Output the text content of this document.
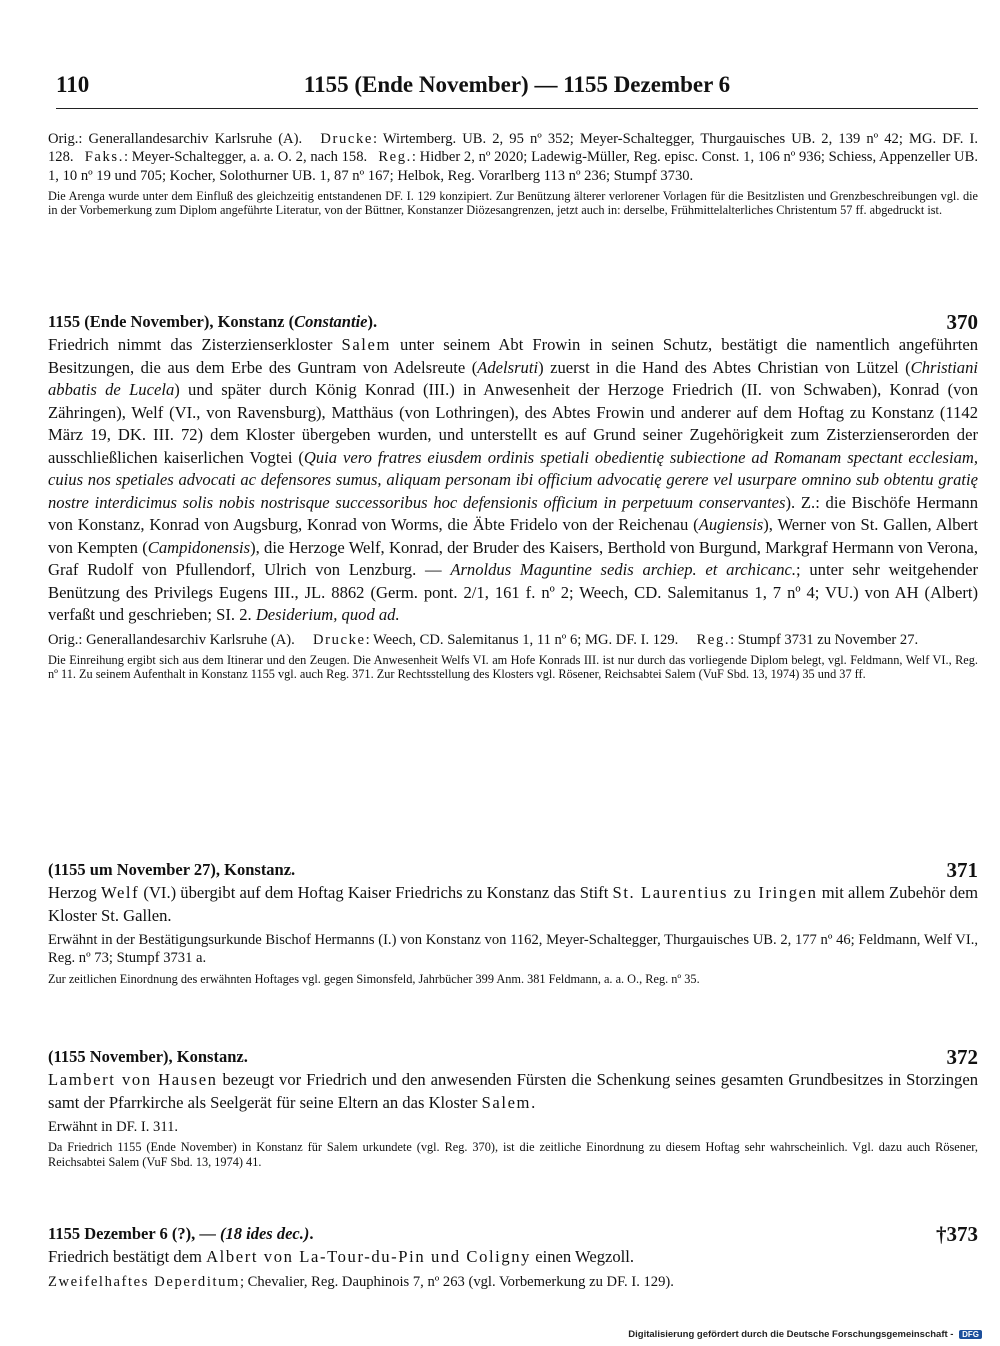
110	1155 (Ende November) — 1155 Dezember 6

Orig.: Generallandesarchiv Karlsruhe (A). Drucke: Wirtemberg. UB. 2, 95 nº 352; Meyer-Schaltegger, Thurgauisches UB. 2, 139 nº 42; MG. DF. I. 128. Faks.: Meyer-Schaltegger, a. a. O. 2, nach 158. Reg.: Hidber 2, nº 2020; Ladewig-Müller, Reg. episc. Const. 1, 106 nº 936; Schiess, Appenzeller UB. 1, 10 nº 19 und 705; Kocher, Solothurner UB. 1, 87 nº 167; Helbok, Reg. Vorarlberg 113 nº 236; Stumpf 3730.

Die Arenga wurde unter dem Einfluß des gleichzeitig entstandenen DF. I. 129 konzipiert. Zur Benützung älterer verlorener Vorlagen für die Besitzlisten und Grenzbeschreibungen vgl. die in der Vorbemerkung zum Diplom angeführte Literatur, von der Büttner, Konstanzer Diözesangrenzen, jetzt auch in: derselbe, Frühmittelalterliches Christentum 57 ff. abgedruckt ist.

1155 (Ende November), Konstanz (Constantie).	370

Friedrich nimmt das Zisterzienserkloster Salem unter seinem Abt Frowin in seinen Schutz, bestätigt die namentlich angeführten Besitzungen, die aus dem Erbe des Guntram von Adelsreute (Adelsruti) zuerst in die Hand des Abtes Christian von Lützel (Christiani abbatis de Lucela) und später durch König Konrad (III.) in Anwesenheit der Herzoge Friedrich (II. von Schwaben), Konrad (von Zähringen), Welf (VI., von Ravensburg), Matthäus (von Lothringen), des Abtes Frowin und anderer auf dem Hoftag zu Konstanz (1142 März 19, DK. III. 72) dem Kloster übergeben wurden, und unterstellt es auf Grund seiner Zugehörigkeit zum Zisterzienserorden der ausschließlichen kaiserlichen Vogtei (Quia vero fratres eiusdem ordinis spetiali obedientię subiectione ad Romanam spectant ecclesiam, cuius nos spetiales advocati ac defensores sumus, aliquam personam ibi officium advocatię gerere vel usurpare omnino sub obtentu gratię nostre interdicimus solis nobis nostrisque successoribus hoc defensionis officium in perpetuum conservantes). Z.: die Bischöfe Hermann von Konstanz, Konrad von Augsburg, Konrad von Worms, die Äbte Fridelo von der Reichenau (Augiensis), Werner von St. Gallen, Albert von Kempten (Campidonensis), die Herzoge Welf, Konrad, der Bruder des Kaisers, Berthold von Burgund, Markgraf Hermann von Verona, Graf Rudolf von Pfullendorf, Ulrich von Lenzburg. — Arnoldus Maguntine sedis archiep. et archicanc.; unter sehr weitgehender Benützung des Privilegs Eugens III., JL. 8862 (Germ. pont. 2/1, 161 f. nº 2; Weech, CD. Salemitanus 1, 7 nº 4; VU.) von AH (Albert) verfaßt und geschrieben; SI. 2. Desiderium, quod ad.

Orig.: Generallandesarchiv Karlsruhe (A). Drucke: Weech, CD. Salemitanus 1, 11 nº 6; MG. DF. I. 129. Reg.: Stumpf 3731 zu November 27.

Die Einreihung ergibt sich aus dem Itinerar und den Zeugen. Die Anwesenheit Welfs VI. am Hofe Konrads III. ist nur durch das vorliegende Diplom belegt, vgl. Feldmann, Welf VI., Reg. nº 11. Zu seinem Aufenthalt in Konstanz 1155 vgl. auch Reg. 371. Zur Rechtsstellung des Klosters vgl. Rösener, Reichsabtei Salem (VuF Sbd. 13, 1974) 35 und 37 ff.

(1155 um November 27), Konstanz.	371

Herzog Welf (VI.) übergibt auf dem Hoftag Kaiser Friedrichs zu Konstanz das Stift St. Laurentius zu Iringen mit allem Zubehör dem Kloster St. Gallen.

Erwähnt in der Bestätigungsurkunde Bischof Hermanns (I.) von Konstanz von 1162, Meyer-Schaltegger, Thurgauisches UB. 2, 177 nº 46; Feldmann, Welf VI., Reg. nº 73; Stumpf 3731 a.

Zur zeitlichen Einordnung des erwähnten Hoftages vgl. gegen Simonsfeld, Jahrbücher 399 Anm. 381 Feldmann, a. a. O., Reg. nº 35.

(1155 November), Konstanz.	372

Lambert von Hausen bezeugt vor Friedrich und den anwesenden Fürsten die Schenkung seines gesamten Grundbesitzes in Storzingen samt der Pfarrkirche als Seelgerät für seine Eltern an das Kloster Salem.

Erwähnt in DF. I. 311.

Da Friedrich 1155 (Ende November) in Konstanz für Salem urkundete (vgl. Reg. 370), ist die zeitliche Einordnung zu diesem Hoftag sehr wahrscheinlich. Vgl. dazu auch Rösener, Reichsabtei Salem (VuF Sbd. 13, 1974) 41.

1155 Dezember 6 (?), — (18 ides dec.).	†373

Friedrich bestätigt dem Albert von La-Tour-du-Pin und Coligny einen Wegzoll.

Zweifelhaftes Deperditum; Chevalier, Reg. Dauphinois 7, nº 263 (vgl. Vorbemerkung zu DF. I. 129).

Digitalisierung gefördert durch die Deutsche Forschungsgemeinschaft - DFG
